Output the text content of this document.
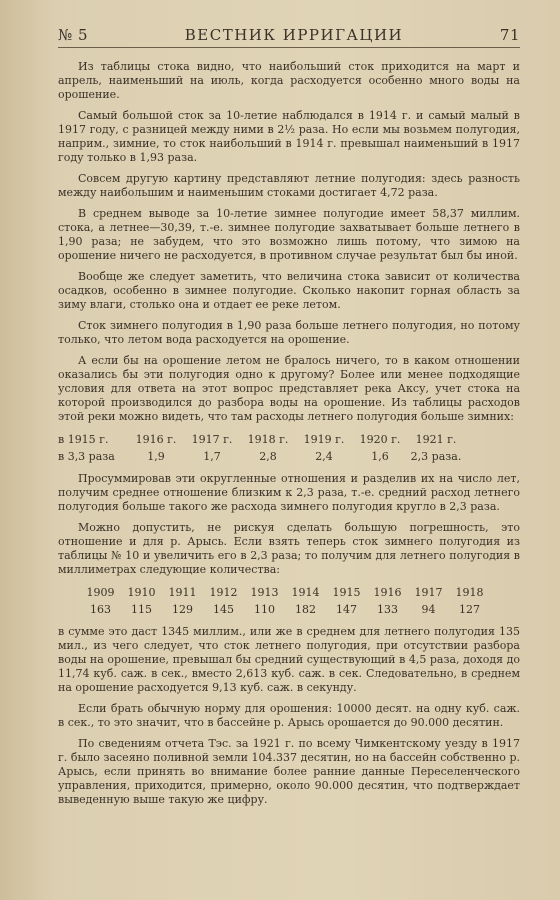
№ 5	ВЕСТНИК ИРРИГАЦИИ	71

Из таблицы стока видно, что наибольший сток приходится на март и апрель, наименьший на июль, когда расходуется особенно много воды на орошение.

Самый большой сток за 10-летие наблюдался в 1914 г. и самый малый в 1917 году, с разницей между ними в 2½ раза. Но если мы возьмем полугодия, наприм., зимние, то сток наибольший в 1914 г. превышал наименьший в 1917 году только в 1,93 раза.

Совсем другую картину представляют летние полугодия: здесь разность между наибольшим и наименьшим стоками достигает 4,72 раза.

В среднем выводе за 10-летие зимнее полугодие имеет 58,37 миллим. стока, а летнее—30,39, т.-е. зимнее полугодие захватывает больше летнего в 1,90 раза; не забудем, что это возможно лишь потому, что зимою на орошение ничего не расходуется, в противном случае результат был бы иной.

Вообще же следует заметить, что величина стока зависит от количества осадков, особенно в зимнее полугодие. Сколько накопит горная область за зиму влаги, столько она и отдает ее реке летом.

Сток зимнего полугодия в 1,90 раза больше летнего полугодия, но потому только, что летом вода расходуется на орошение.

А если бы на орошение летом не бралось ничего, то в каком отношении оказались бы эти полугодия одно к другому? Более или менее подходящие условия для ответа на этот вопрос представляет река Аксу, учет стока на которой производился до разбора воды на орошение. Из таблицы расходов этой реки можно видеть, что там расходы летнего полугодия больше зимних:

в 1915 г.	1916 г.	1917 г.	1918 г.	1919 г.	1920 г.	1921 г.
в 3,3 раза	1,9	1,7	2,8	2,4	1,6	2,3 раза.

Просуммировав эти округленные отношения и разделив их на число лет, получим среднее отношение близким к 2,3 раза, т.-е. средний расход летнего полугодия больше такого же расхода зимнего полугодия кругло в 2,3 раза.

Можно допустить, не рискуя сделать большую погрешность, это отношение и для р. Арысь. Если взять теперь сток зимнего полугодия из таблицы № 10 и увеличить его в 2,3 раза; то получим для летнего полугодия в миллиметрах следующие количества:

1909	1910	1911	1912	1913	1914	1915	1916	1917	1918
163	115	129	145	110	182	147	133	94	127

в сумме это даст 1345 миллим., или же в среднем для летнего полугодия 135 мил., из чего следует, что сток летнего полугодия, при отсутствии разбора воды на орошение, превышал бы средний существующий в 4,5 раза, доходя до 11,74 куб. саж. в сек., вместо 2,613 куб. саж. в сек. Следовательно, в среднем на орошение расходуется 9,13 куб. саж. в секунду.

Если брать обычную норму для орошения: 10000 десят. на одну куб. саж. в сек., то это значит, что в бассейне р. Арысь орошается до 90.000 десятин.

По сведениям отчета Тэс. за 1921 г. по всему Чимкентскому уезду в 1917 г. было засеяно поливной земли 104.337 десятин, но на бассейн собственно р. Арысь, если принять во внимание более ранние данные Переселенческого управления, приходится, примерно, около 90.000 десятин, что подтверждает выведенную выше такую же цифру.
